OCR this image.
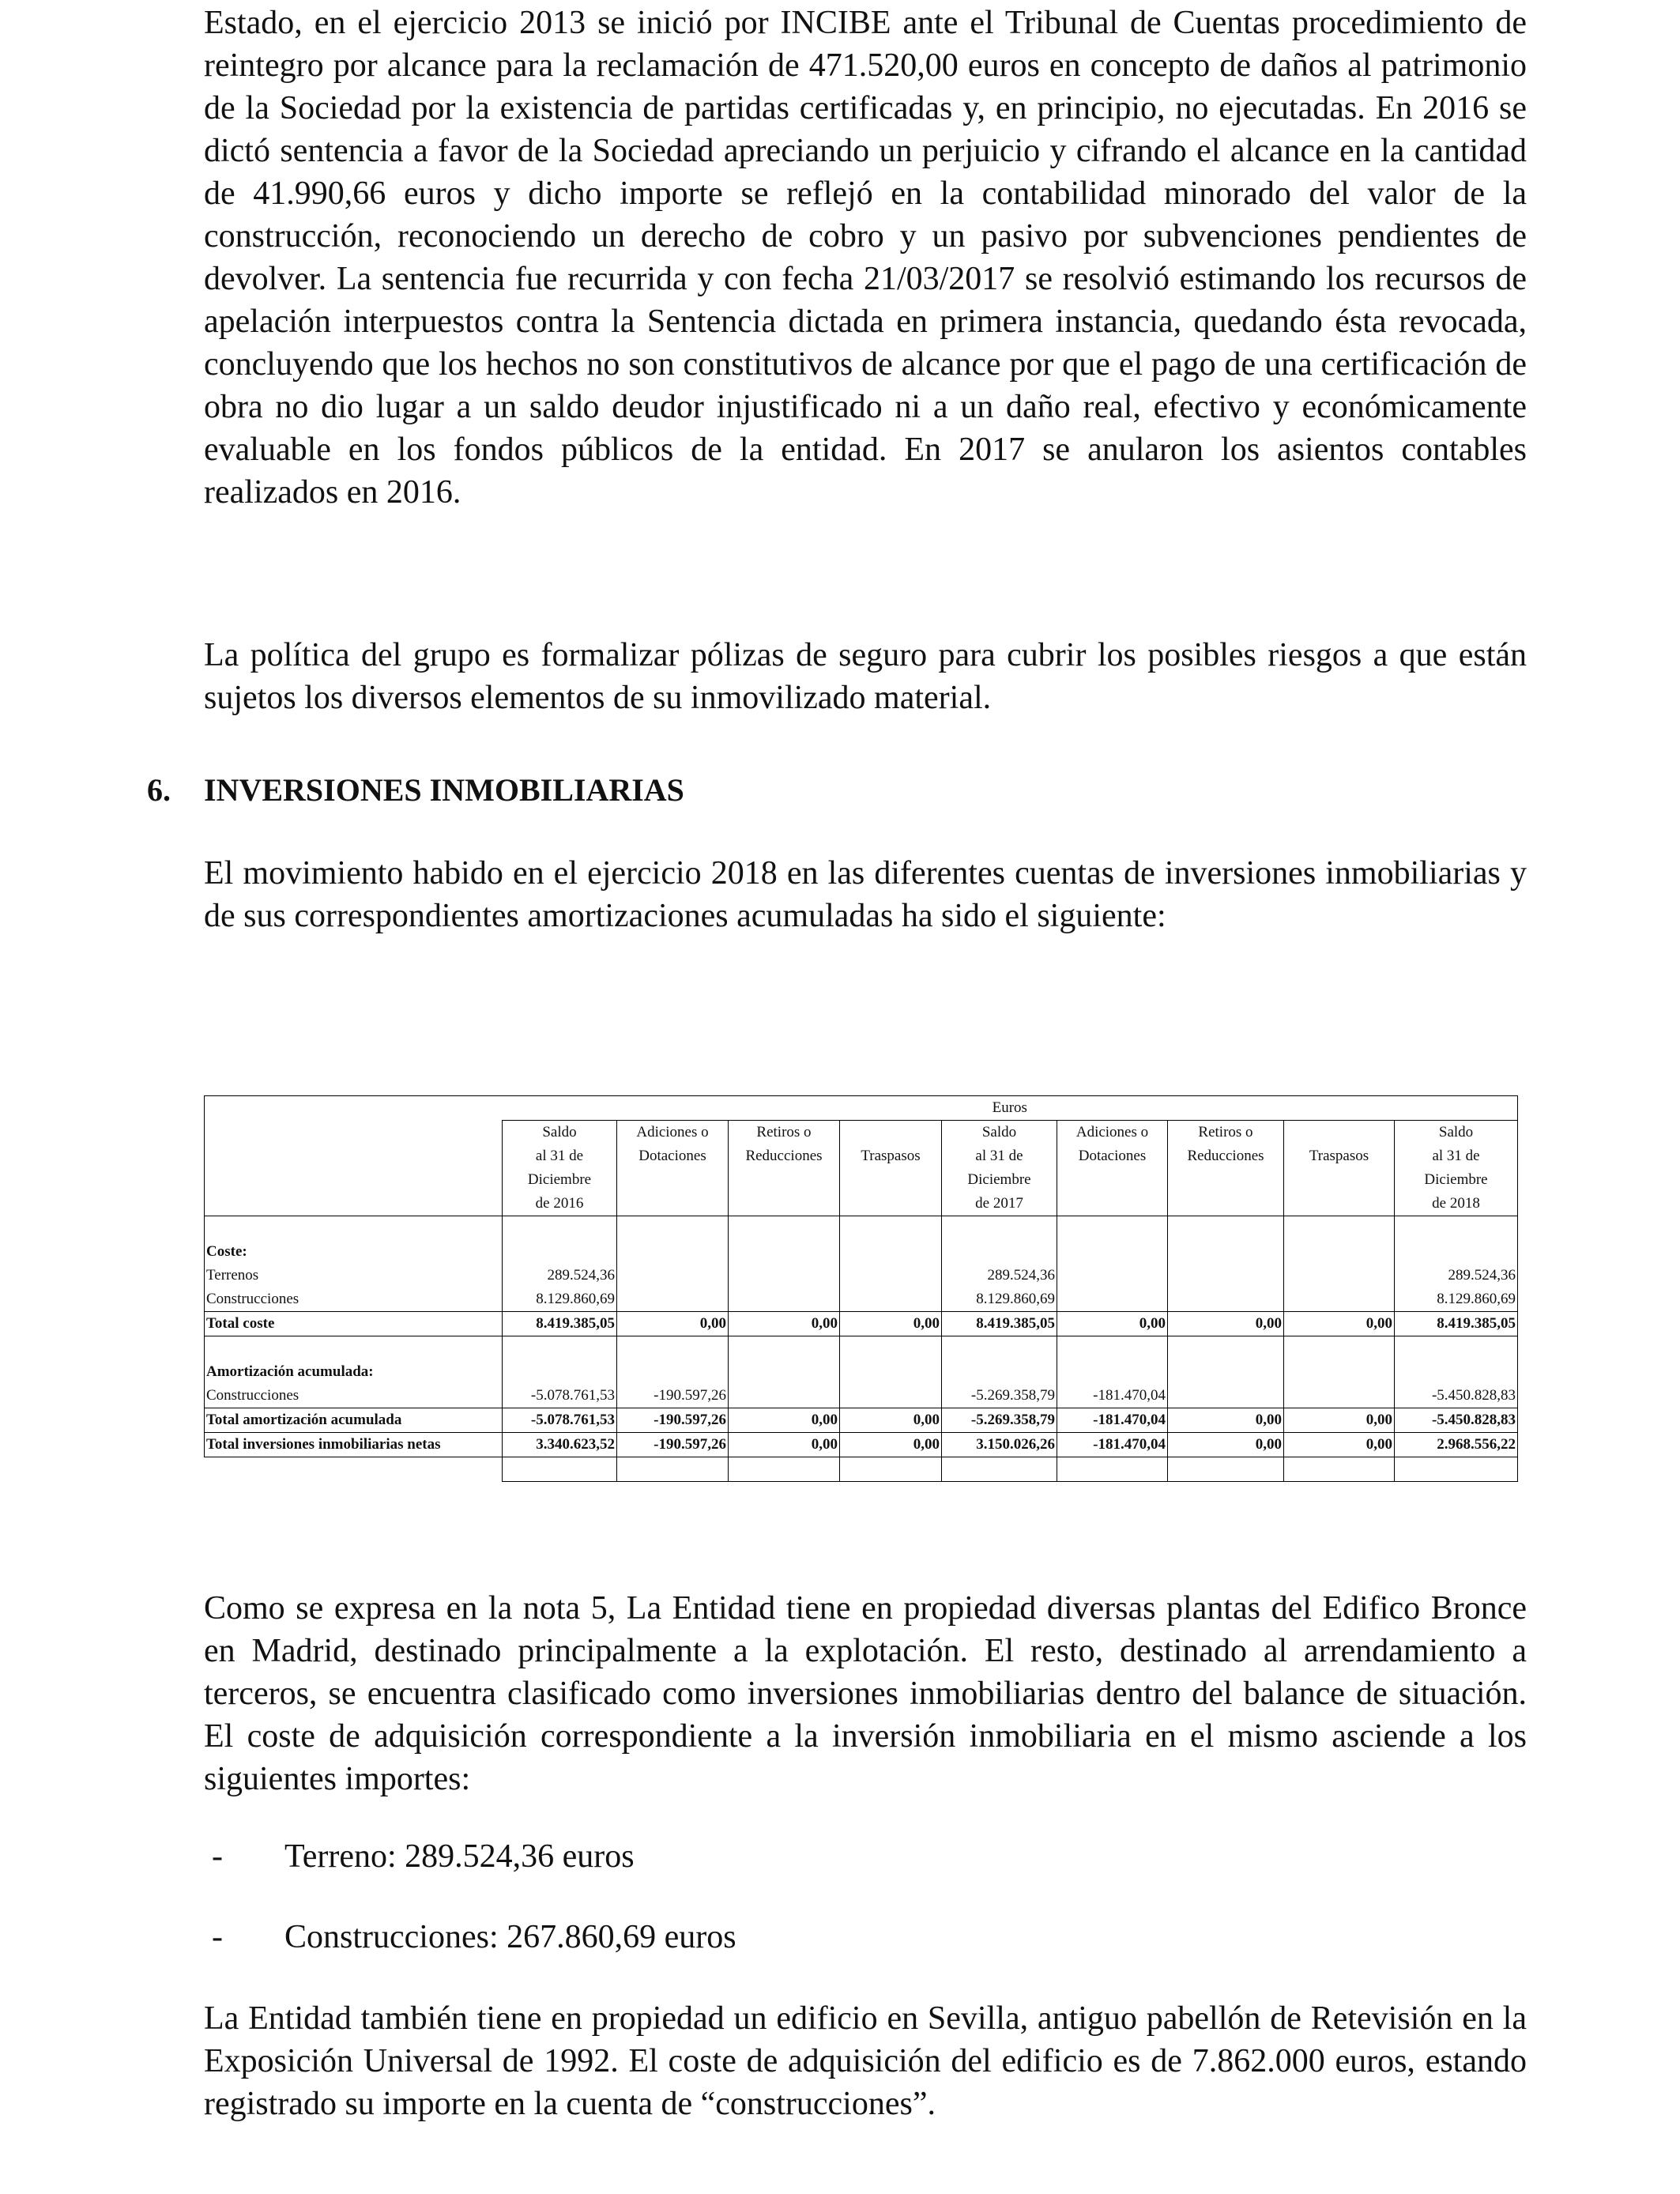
Estado, en el ejercicio 2013 se inició por INCIBE ante el Tribunal de Cuentas procedimiento de reintegro por alcance para la reclamación de 471.520,00 euros en concepto de daños al patrimonio de la Sociedad por la existencia de partidas certificadas y, en principio, no ejecutadas. En 2016 se dictó sentencia a favor de la Sociedad apreciando un perjuicio y cifrando el alcance en la cantidad de 41.990,66 euros y dicho importe se reflejó en la contabilidad minorado del valor de la construcción, reconociendo un derecho de cobro y un pasivo por subvenciones pendientes de devolver. La sentencia fue recurrida y con fecha 21/03/2017 se resolvió estimando los recursos de apelación interpuestos contra la Sentencia dictada en primera instancia, quedando ésta revocada, concluyendo que los hechos no son constitutivos de alcance por que el pago de una certificación de obra no dio lugar a un saldo deudor injustificado ni a un daño real, efectivo y económicamente evaluable en los fondos públicos de la entidad. En 2017 se anularon los asientos contables realizados en 2016.

La política del grupo es formalizar pólizas de seguro para cubrir los posibles riesgos a que están sujetos los diversos elementos de su inmovilizado material.

6. INVERSIONES INMOBILIARIAS

El movimiento habido en el ejercicio 2018 en las diferentes cuentas de inversiones inmobiliarias y de sus correspondientes amortizaciones acumuladas ha sido el siguiente:

Como se expresa en la nota 5, La Entidad tiene en propiedad diversas plantas del Edifico Bronce en Madrid, destinado principalmente a la explotación. El resto, destinado al arrendamiento a terceros, se encuentra clasificado como inversiones inmobiliarias dentro del balance de situación. El coste de adquisición correspondiente a la inversión inmobiliaria en el mismo asciende a los siguientes importes:

- Terreno: 289.524,36 euros

- Construcciones: 267.860,69 euros

La Entidad también tiene en propiedad un edificio en Sevilla, antiguo pabellón de Retevisión en la Exposición Universal de 1992. El coste de adquisición del edificio es de 7.862.000 euros, estando registrado su importe en la cuenta de “construcciones”.

	Euros								
	Saldo	Adiciones o	Retiros o		Saldo	Adiciones o	Retiros o		Saldo
	al 31 de	Dotaciones	Reducciones	Traspasos	al 31 de	Dotaciones	Reducciones	Traspasos	al 31 de
	Diciembre				Diciembre				Diciembre
	de 2016				de 2017				de 2018

Coste:									
Terrenos	289.524,36				289.524,36				289.524,36
Construcciones	8.129.860,69				8.129.860,69				8.129.860,69
Total coste	8.419.385,05	0,00	0,00	0,00	8.419.385,05	0,00	0,00	0,00	8.419.385,05

Amortización acumulada:									
Construcciones	-5.078.761,53	-190.597,26			-5.269.358,79	-181.470,04			-5.450.828,83
Total amortización acumulada	-5.078.761,53	-190.597,26	0,00	0,00	-5.269.358,79	-181.470,04	0,00	0,00	-5.450.828,83
Total inversiones inmobiliarias netas	3.340.623,52	-190.597,26	0,00	0,00	3.150.026,26	-181.470,04	0,00	0,00	2.968.556,22
